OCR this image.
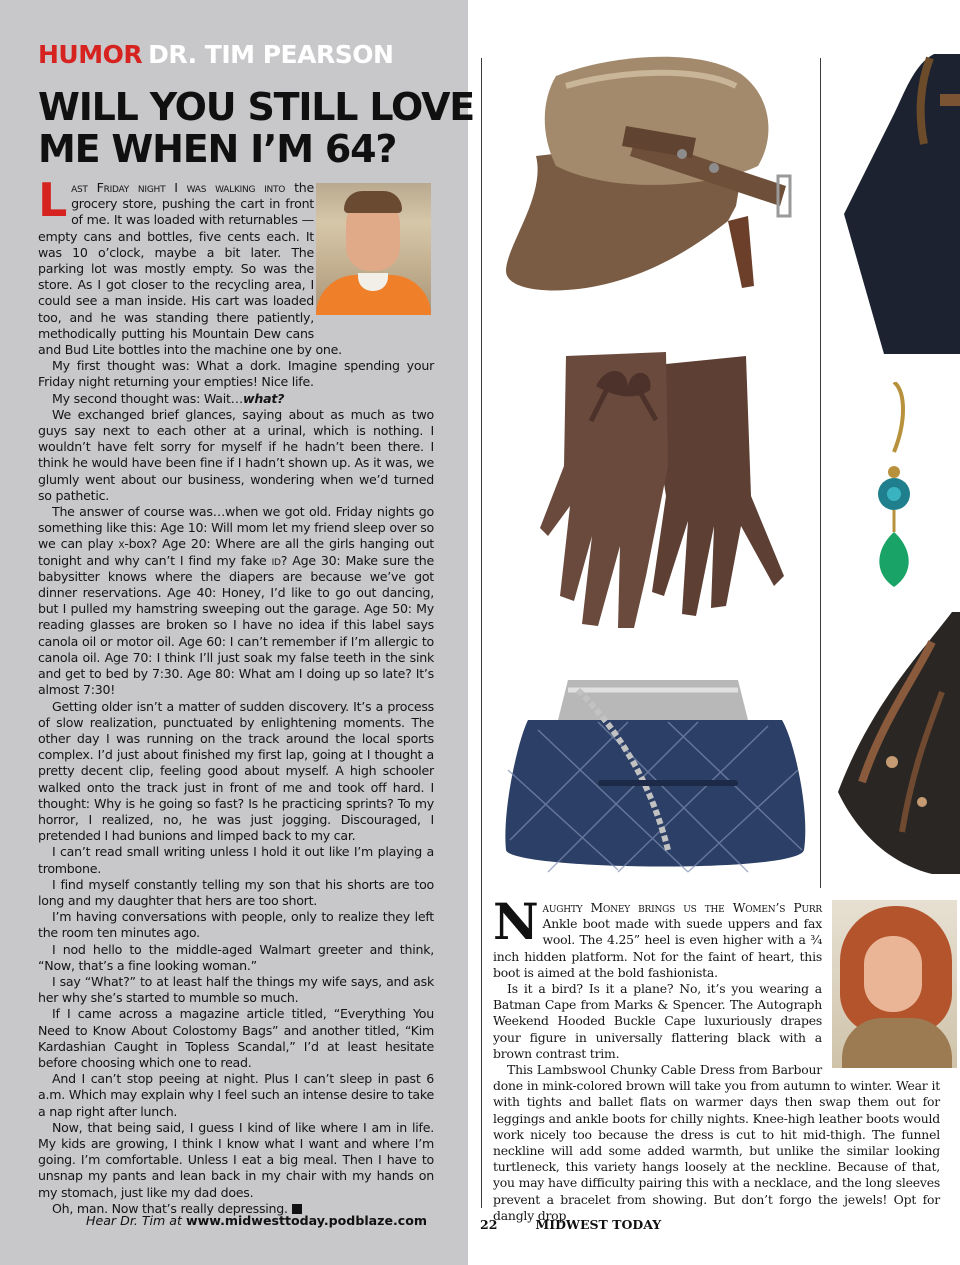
HUMOR DR. TIM PEARSON
WILL YOU STILL LOVE
ME WHEN I’M 64?

Last Friday night I was walking into the grocery store, pushing the cart in front of me. It was loaded with returnables — empty cans and bottles, five cents each. It was 10 o’clock, maybe a bit later. The parking lot was mostly empty. So was the store. As I got closer to the recycling area, I could see a man inside. His cart was loaded too, and he was standing there patiently, methodically putting his Mountain Dew cans and Bud Lite bottles into the machine one by one.

My first thought was: What a dork. Imagine spending your Friday night returning your empties! Nice life.

My second thought was: Wait…what?

We exchanged brief glances, saying about as much as two guys say next to each other at a urinal, which is nothing. I wouldn’t have felt sorry for myself if he hadn’t been there. I think he would have been fine if I hadn’t shown up. As it was, we glumly went about our business, wondering when we’d turned so pathetic.

The answer of course was…when we got old. Friday nights go something like this: Age 10: Will mom let my friend sleep over so we can play x-box? Age 20: Where are all the girls hanging out tonight and why can’t I find my fake id? Age 30: Make sure the babysitter knows where the diapers are because we’ve got dinner reservations. Age 40: Honey, I’d like to go out dancing, but I pulled my hamstring sweeping out the garage. Age 50: My reading glasses are broken so I have no idea if this label says canola oil or motor oil. Age 60: I can’t remember if I’m allergic to canola oil. Age 70: I think I’ll just soak my false teeth in the sink and get to bed by 7:30. Age 80: What am I doing up so late? It’s almost 7:30!

Getting older isn’t a matter of sudden discovery. It’s a process of slow realization, punctuated by enlightening moments. The other day I was running on the track around the local sports complex. I’d just about finished my first lap, going at I thought a pretty decent clip, feeling good about myself. A high schooler walked onto the track just in front of me and took off hard. I thought: Why is he going so fast? Is he practicing sprints? To my horror, I realized, no, he was just jogging. Discouraged, I pretended I had bunions and limped back to my car.

I can’t read small writing unless I hold it out like I’m playing a trombone.

I find myself constantly telling my son that his shorts are too long and my daughter that hers are too short.

I’m having conversations with people, only to realize they left the room ten minutes ago.

I nod hello to the middle-aged Walmart greeter and think, “Now, that’s a fine looking woman.”

I say “What?” to at least half the things my wife says, and ask her why she’s started to mumble so much.

If I came across a magazine article titled, “Everything You Need to Know About Colostomy Bags” and another titled, “Kim Kardashian Caught in Topless Scandal,” I’d at least hesitate before choosing which one to read.

And I can’t stop peeing at night. Plus I can’t sleep in past 6 a.m. Which may explain why I feel such an intense desire to take a nap right after lunch.

Now, that being said, I guess I kind of like where I am in life. My kids are growing, I think I know what I want and where I’m going. I’m comfortable. Unless I eat a big meal. Then I have to unsnap my pants and lean back in my chair with my hands on my stomach, just like my dad does.

Oh, man. Now that’s really depressing.

Hear Dr. Tim at www.midwesttoday.podblaze.com

Naughty Money brings us the Women’s Purr Ankle boot made with suede uppers and fax wool. The 4.25” heel is even higher with a ¾ inch hidden platform. Not for the faint of heart, this boot is aimed at the bold fashionista.

Is it a bird? Is it a plane? No, it’s you wearing a Batman Cape from Marks & Spencer. The Autograph Weekend Hooded Buckle Cape luxuriously drapes your figure in universally flattering black with a brown contrast trim.

This Lambswool Chunky Cable Dress from Barbour done in mink-colored brown will take you from autumn to winter. Wear it with tights and ballet flats on warmer days then swap them out for leggings and ankle boots for chilly nights. Knee-high leather boots would work nicely too because the dress is cut to hit mid-thigh. The funnel neckline will add some added warmth, but unlike the similar looking turtleneck, this variety hangs loosely at the neckline. Because of that, you may have difficulty pairing this with a necklace, and the long sleeves prevent a bracelet from showing. But don’t forgo the jewels! Opt for dangly drop

22	MIDWEST TODAY
